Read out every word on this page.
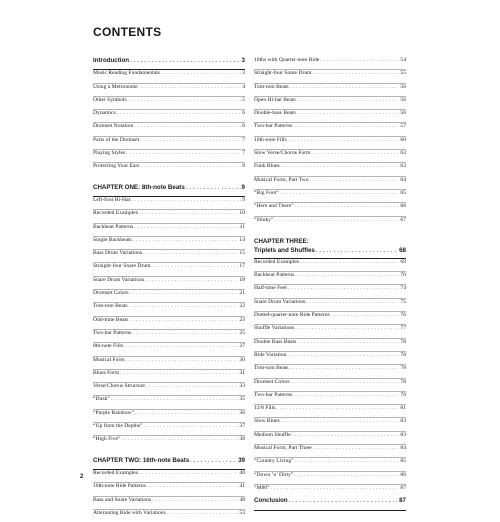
CONTENTS
Introduction . . .	3
Music Reading Fundamentals . . .	3
Using a Metronome . . .	4
Other Symbols . . .	5
Dynamics . . .	6
Drumset Notation . . .	6
Parts of the Drumset . . .	7
Playing Styles . . .	7
Protecting Your Ears . . .	8
CHAPTER ONE: 8th-note Beats . . .	9
Left-foot Hi-Hat . . .	9
Recorded Examples . . .	10
Backbeat Patterns . . .	11
Single Backbeats . . .	14
Bass Drum Variations . . .	15
Straight-four Snare Drum . . .	17
Snare Drum Variations . . .	18
Drumset Colors . . .	21
Tom-tom Beats . . .	22
Odd-time Beats . . .	23
Two-bar Patterns . . .	25
8th-note Fills . . .	27
Musical Form . . .	30
Blues Form . . .	31
Verse/Chorus Structure . . .	33
“Dusk” . . .	35
“Purple Rainbow” . . .	36
“Up from the Depths” . . .	37
“High Five” . . .	38
CHAPTER TWO: 16th-note Beats . . .	39
Recorded Examples . . .	40
16th-note Ride Patterns . . .	41
Bass and Snare Variations . . .	48
Alternating Ride with Variations . . .	53
16ths with Quarter-note Ride . . .	54
Straight-four Snare Drum . . .	55
Tom-tom Beats . . .	56
Open Hi-hat Beats . . .	56
Double-bass Beats . . .	56
Two-bar Patterns . . .	57
16th-note Fills . . .	60
Slow Verse/Chorus Form . . .	63
Funk Blues . . .	63
Musical Form, Part Two . . .	64
“Big Foot” . . .	65
“Here and There” . . .	66
“Slinky” . . .	67
CHAPTER THREE:
Triplets and Shuffles . . .	68
Recorded Examples . . .	69
Backbeat Patterns . . .	70
Half-time Feel . . .	74
Snare Drum Variations . . .	75
Dotted-quarter-note Ride Patterns . . .	76
Shuffle Variations . . .	77
Double Bass Beats . . .	78
Ride Variation . . .	78
Tom-tom Beats . . .	78
Drumset Colors . . .	78
Two-bar Patterns . . .	79
12/8 Fills . . .	81
Slow Blues . . .	83
Medium Shuffle . . .	83
Musical Form, Part Three . . .	84
“Country Living” . . .	85
“Down ’n’ Dirty” . . .	86
“M80” . . .	87
Conclusion . . .	87
2
